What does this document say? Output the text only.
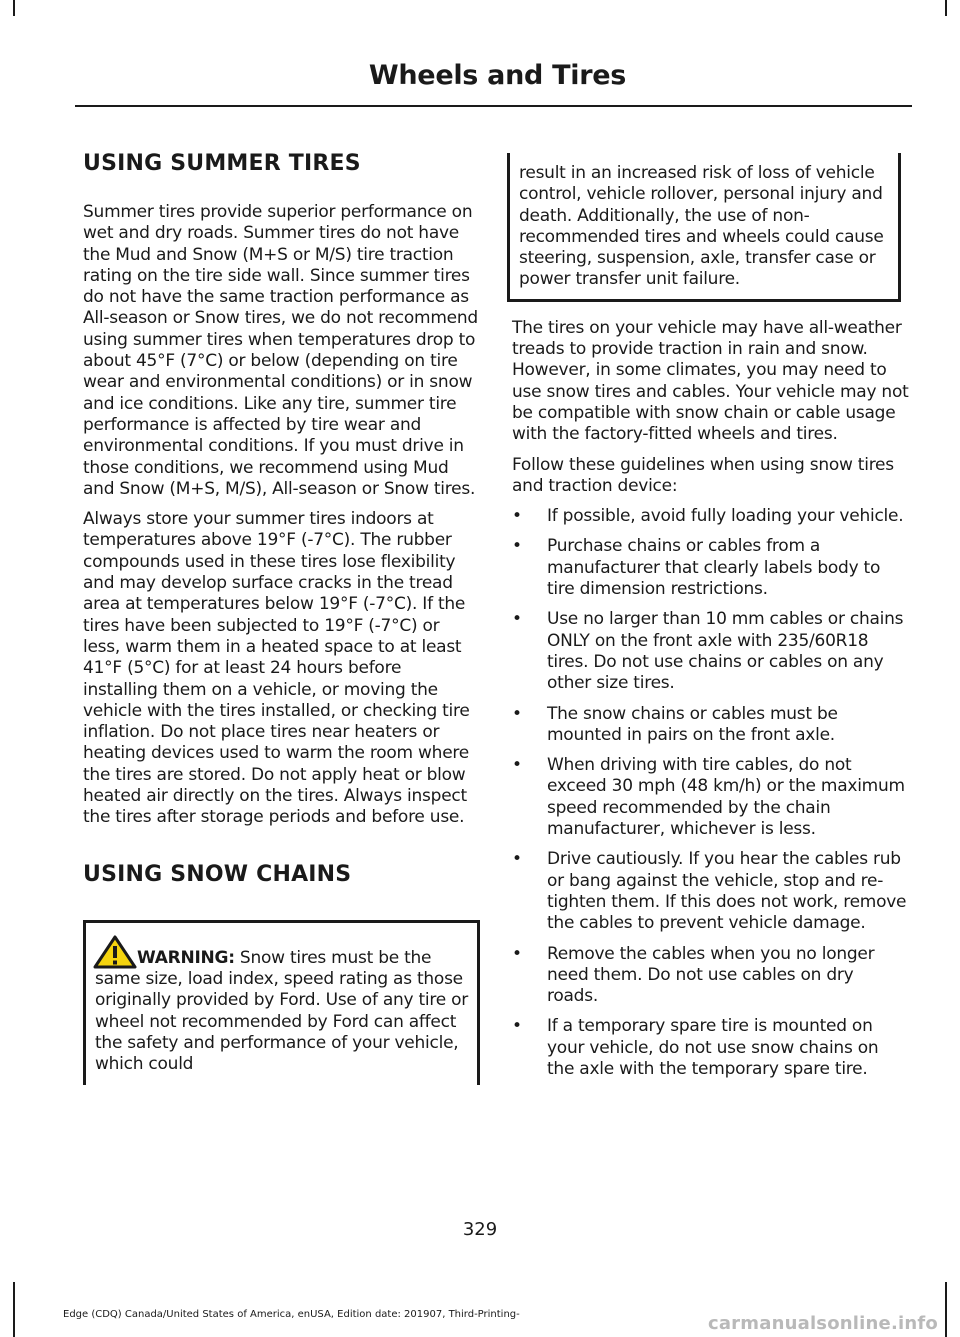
Wheels and Tires
USING SUMMER TIRES

Summer tires provide superior performance on wet and dry roads. Summer tires do not have the Mud and Snow (M+S or M/S) tire traction rating on the tire side wall. Since summer tires do not have the same traction performance as All-season or Snow tires, we do not recommend using summer tires when temperatures drop to about 45°F (7°C) or below (depending on tire wear and environmental conditions) or in snow and ice conditions. Like any tire, summer tire performance is affected by tire wear and environmental conditions. If you must drive in those conditions, we recommend using Mud and Snow (M+S, M/S), All-season or Snow tires.

Always store your summer tires indoors at temperatures above 19°F (-7°C). The rubber compounds used in these tires lose flexibility and may develop surface cracks in the tread area at temperatures below 19°F (-7°C). If the tires have been subjected to 19°F (-7°C) or less, warm them in a heated space to at least 41°F (5°C) for at least 24 hours before installing them on a vehicle, or moving the vehicle with the tires installed, or checking tire inflation. Do not place tires near heaters or heating devices used to warm the room where the tires are stored. Do not apply heat or blow heated air directly on the tires. Always inspect the tires after storage periods and before use.

USING SNOW CHAINS

WARNING: Snow tires must be the same size, load index, speed rating as those originally provided by Ford. Use of any tire or wheel not recommended by Ford can affect the safety and performance of your vehicle, which could

result in an increased risk of loss of vehicle control, vehicle rollover, personal injury and death. Additionally, the use of non-recommended tires and wheels could cause steering, suspension, axle, transfer case or power transfer unit failure.

The tires on your vehicle may have all-weather treads to provide traction in rain and snow. However, in some climates, you may need to use snow tires and cables. Your vehicle may not be compatible with snow chain or cable usage with the factory-fitted wheels and tires.

Follow these guidelines when using snow tires and traction device:

• If possible, avoid fully loading your vehicle.
• Purchase chains or cables from a manufacturer that clearly labels body to tire dimension restrictions.
• Use no larger than 10 mm cables or chains ONLY on the front axle with 235/60R18 tires. Do not use chains or cables on any other size tires.
• The snow chains or cables must be mounted in pairs on the front axle.
• When driving with tire cables, do not exceed 30 mph (48 km/h) or the maximum speed recommended by the chain manufacturer, whichever is less.
• Drive cautiously. If you hear the cables rub or bang against the vehicle, stop and re-tighten them. If this does not work, remove the cables to prevent vehicle damage.
• Remove the cables when you no longer need them. Do not use cables on dry roads.
• If a temporary spare tire is mounted on your vehicle, do not use snow chains on the axle with the temporary spare tire.
329
Edge (CDQ) Canada/United States of America, enUSA, Edition date: 201907, Third-Printing-	carmanualsonline.info
